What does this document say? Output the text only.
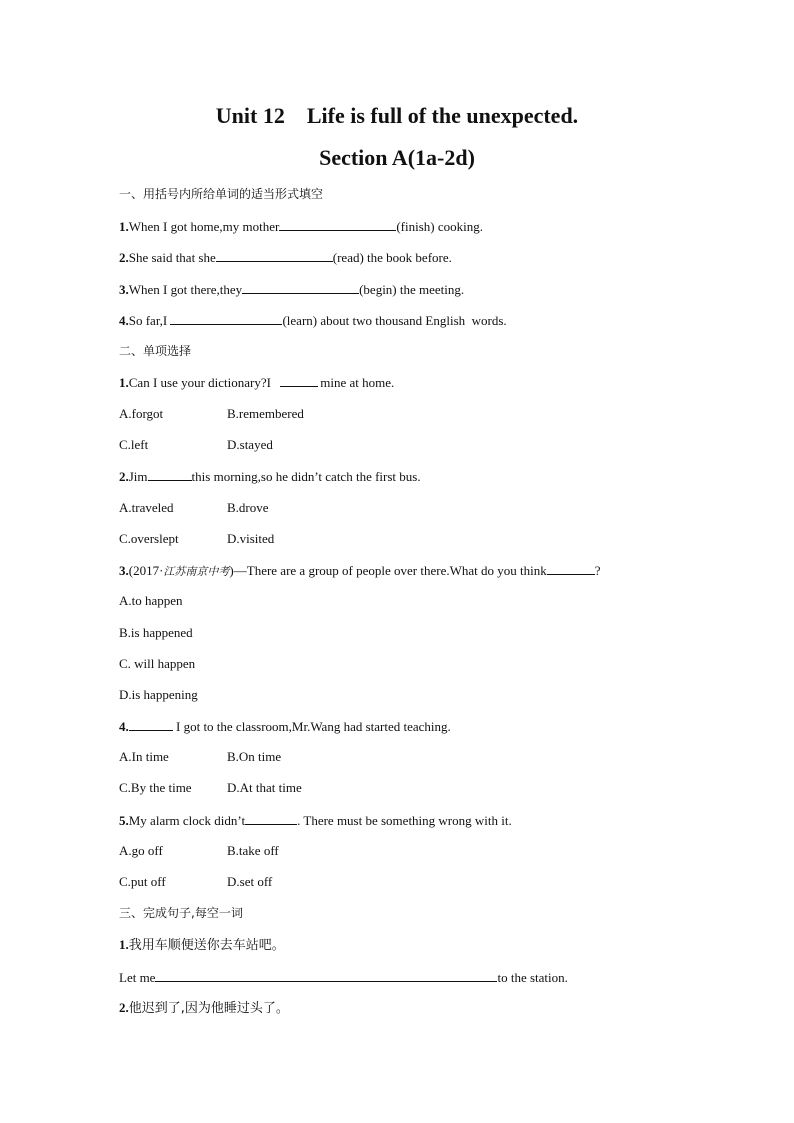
Unit 12    Life is full of the unexpected.
Section A(1a-2d)
一、用括号内所给单词的适当形式填空
1.When I got home,my mother	(finish) cooking.
2.She said that she	(read) the book before.
3.When I got there,they	(begin) the meeting.
4.So far,I	(learn) about two thousand English  words.
二、单项选择
1.Can I use your dictionary?I	mine at home.
A.forgot	B.remembered
C.left	D.stayed
2.Jim	this morning,so he didn’t catch the first bus.
A.traveled	B.drove
C.overslept	D.visited
3.(2017·江苏南京中考)—There are a group of people over there.What do you think	?
A.to happen
B.is happened
C. will happen
D.is happening
4.	I got to the classroom,Mr.Wang had started teaching.
A.In time	B.On time
C.By the time	D.At that time
5.My alarm clock didn’t	. There must be something wrong with it.
A.go off	B.take off
C.put off	D.set off
三、完成句子,每空一词
1.我用车顺便送你去车站吧。
Let me	to the station.
2.他迟到了,因为他睡过头了。
